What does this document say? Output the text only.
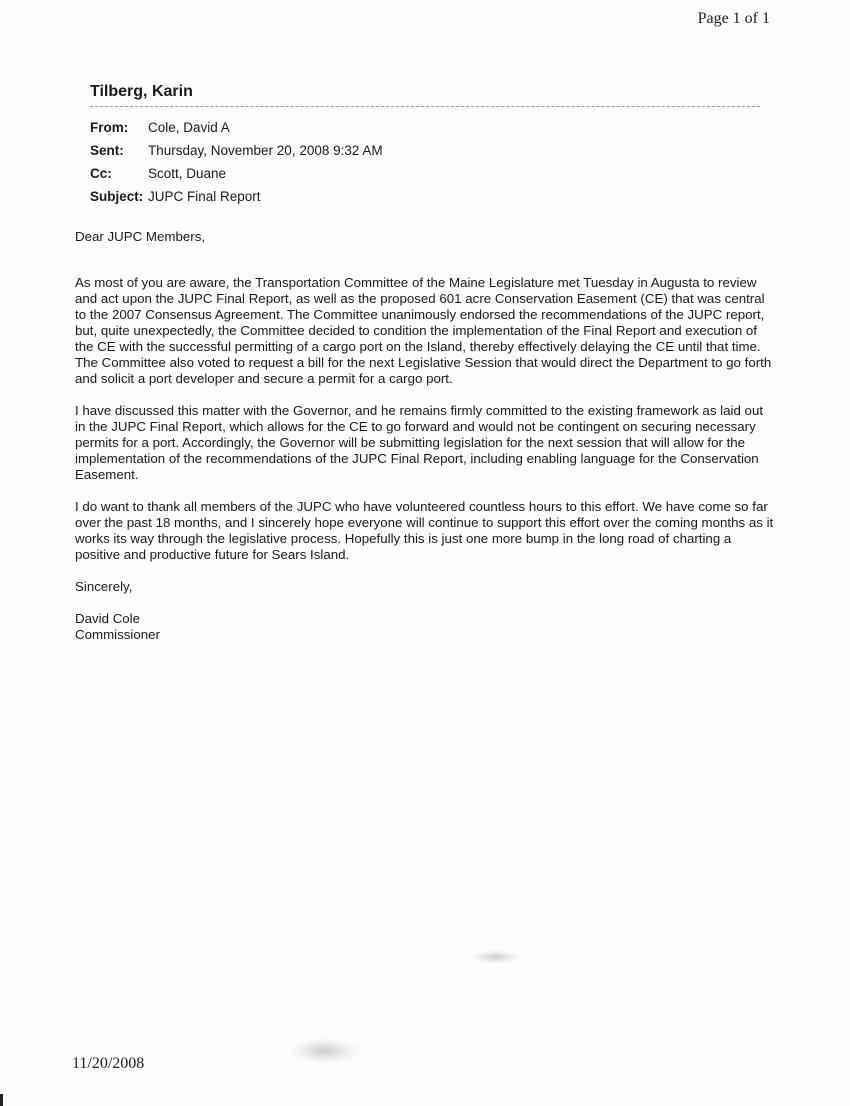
Page 1 of 1
Tilberg, Karin
From:	Cole, David A
Sent:	Thursday, November 20, 2008 9:32 AM
Cc:	Scott, Duane
Subject: JUPC Final Report

Dear JUPC Members,

As most of you are aware, the Transportation Committee of the Maine Legislature met Tuesday in Augusta to review and act upon the JUPC Final Report, as well as the proposed 601 acre Conservation Easement (CE) that was central to the 2007 Consensus Agreement. The Committee unanimously endorsed the recommendations of the JUPC report, but, quite unexpectedly, the Committee decided to condition the implementation of the Final Report and execution of the CE with the successful permitting of a cargo port on the Island, thereby effectively delaying the CE until that time. The Committee also voted to request a bill for the next Legislative Session that would direct the Department to go forth and solicit a port developer and secure a permit for a cargo port.

I have discussed this matter with the Governor, and he remains firmly committed to the existing framework as laid out in the JUPC Final Report, which allows for the CE to go forward and would not be contingent on securing necessary permits for a port. Accordingly, the Governor will be submitting legislation for the next session that will allow for the implementation of the recommendations of the JUPC Final Report, including enabling language for the Conservation Easement.

I do want to thank all members of the JUPC who have volunteered countless hours to this effort. We have come so far over the past 18 months, and I sincerely hope everyone will continue to support this effort over the coming months as it works its way through the legislative process. Hopefully this is just one more bump in the long road of charting a positive and productive future for Sears Island.

Sincerely,

David Cole

Commissioner

11/20/2008
